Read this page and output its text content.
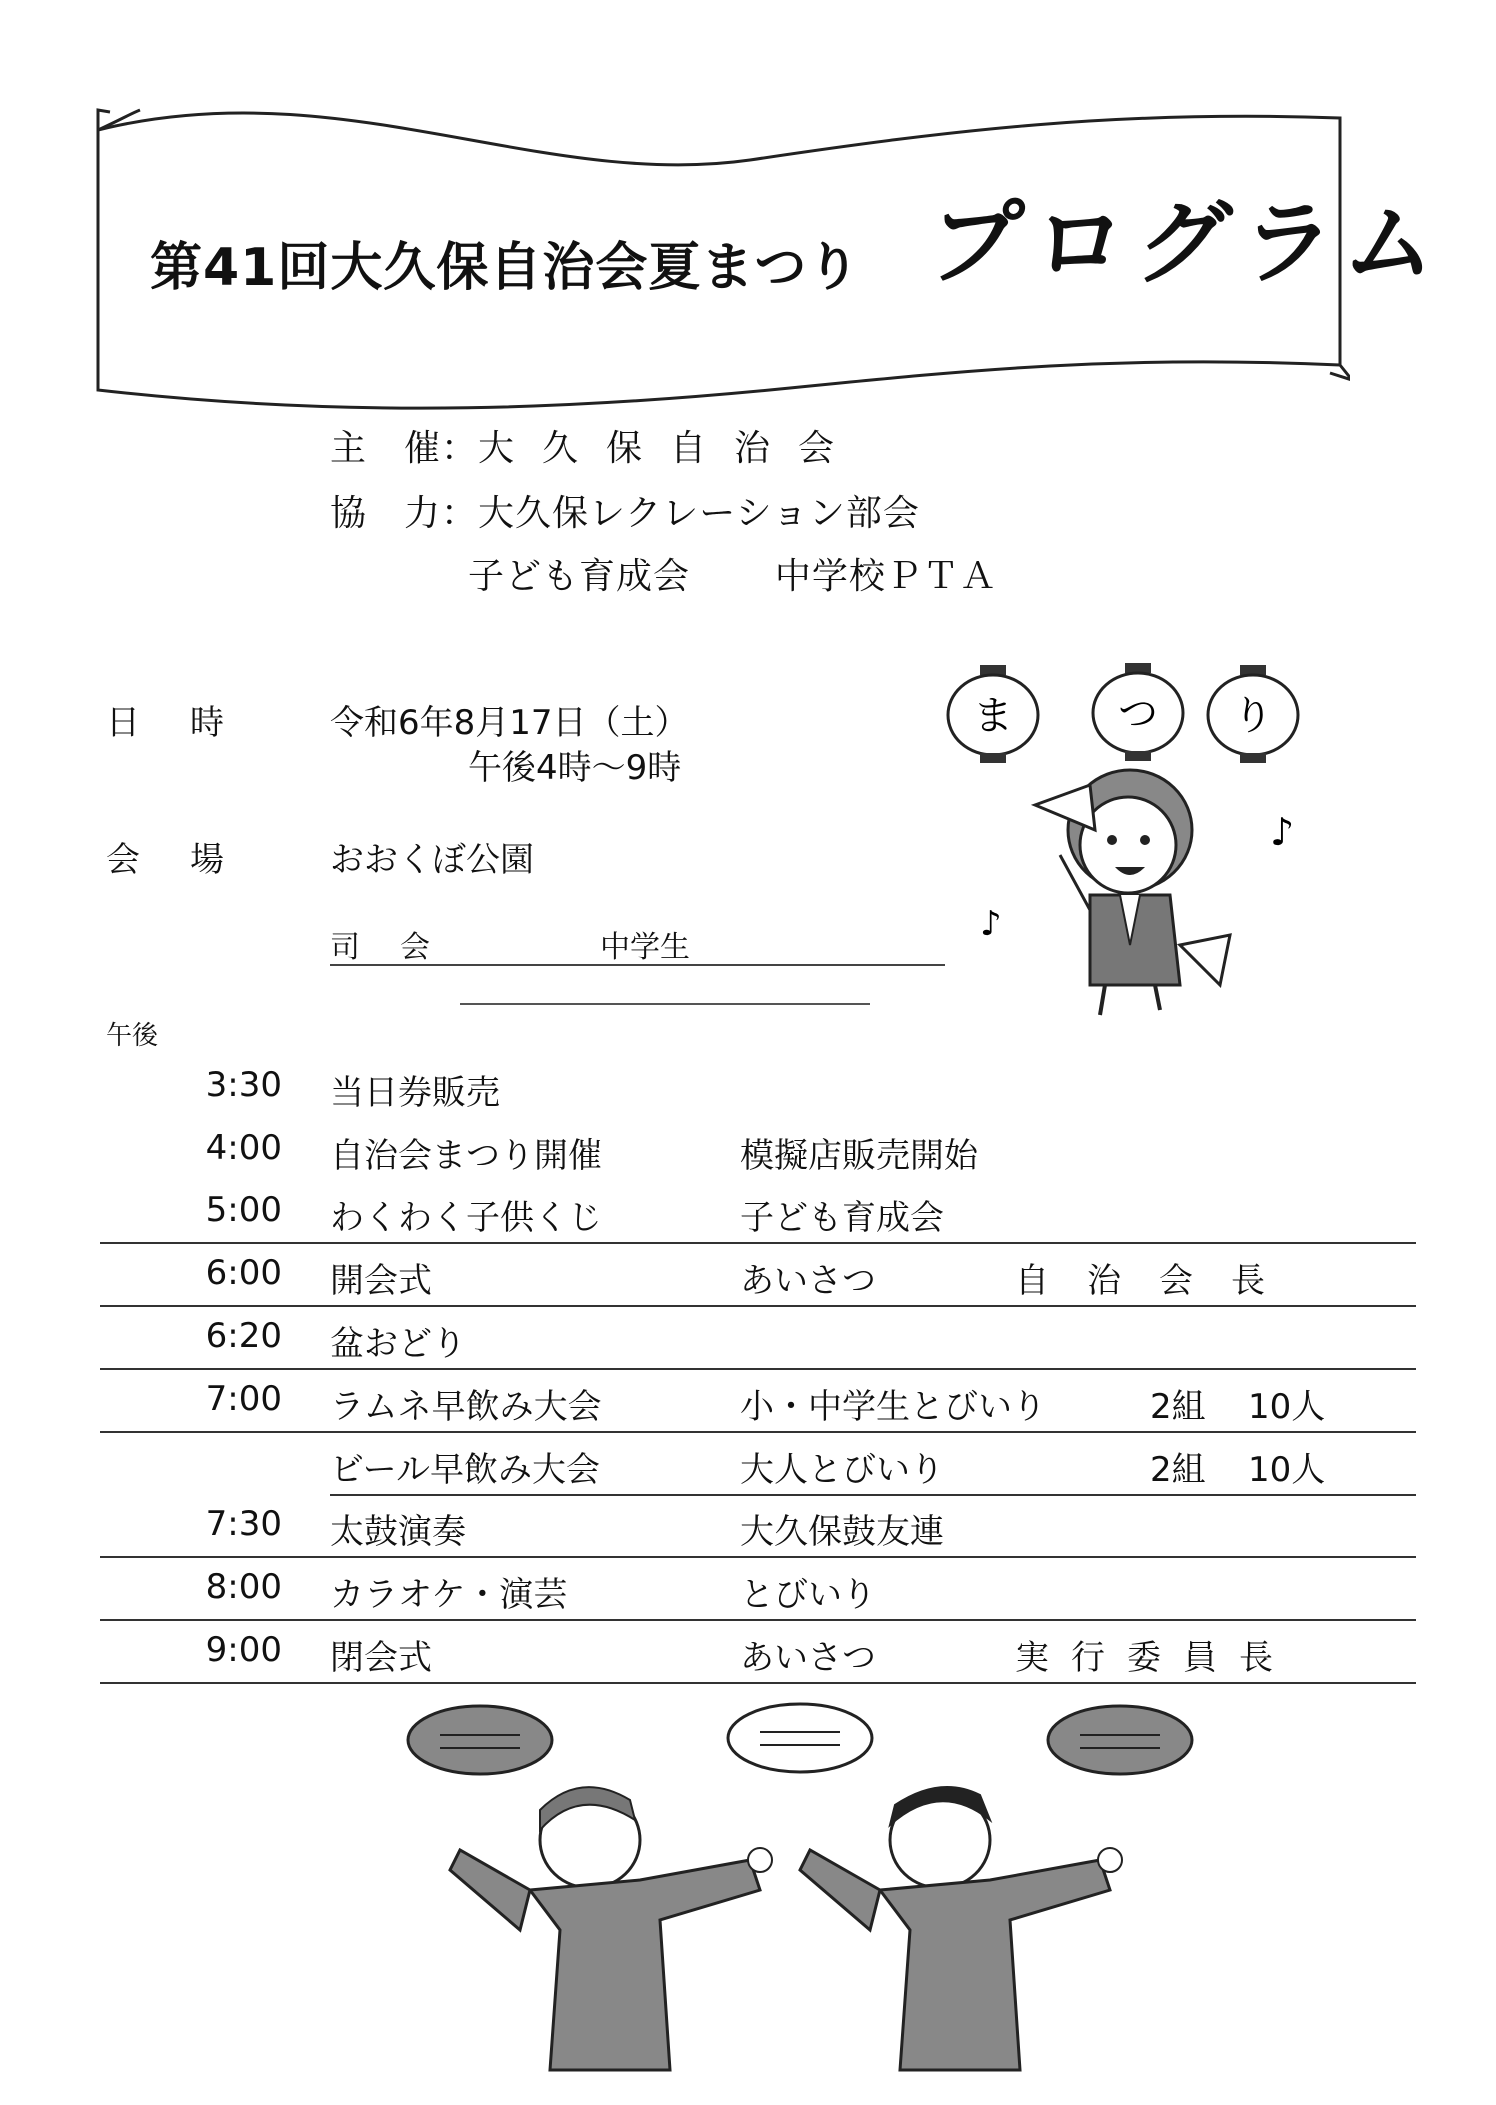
第41回大久保自治会夏まつり プログラム
主　催：大久保自治会
協　力：大久保レクレーション部会
子ども育成会 中学校ＰＴＡ
日時 令和6年8月17日（土）
午後4時～9時
会場 おおくぼ公園
司会	中学生
ま	つ り
♪
♪
午後
3:30 当日券販売
4:00 自治会まつり開催	模擬店販売開始
5:00 わくわく子供くじ	子ども育成会
6:00 開会式	あいさつ	自治会長
6:20 盆おどり
7:00 ラムネ早飲み大会	小・中学生とびいり	2組 10人
ビール早飲み大会	大人とびいり	2組 10人
7:30 太鼓演奏	大久保鼓友連
8:00 カラオケ・演芸	とびいり
9:00 閉会式	あいさつ	実行委員長
